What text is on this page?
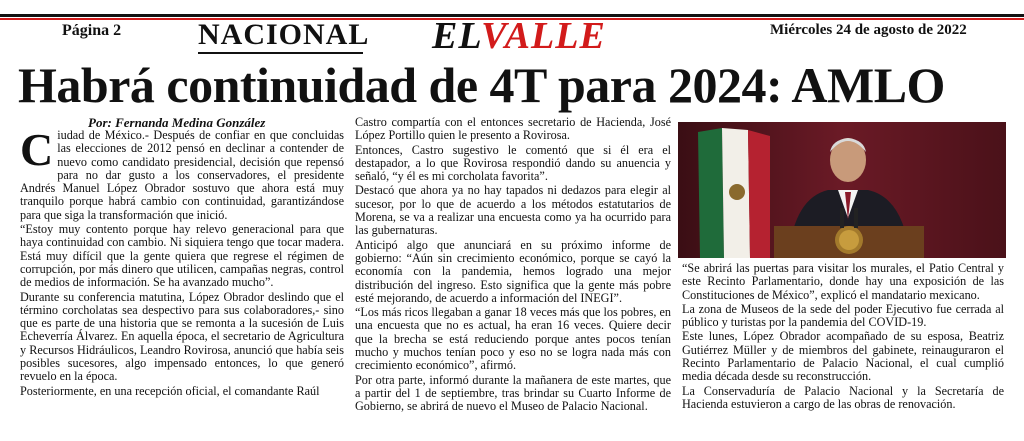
Página 2	NACIONAL ELVALLE	Miércoles 24 de agosto de 2022
Habrá continuidad de 4T para 2024: AMLO
Por: Fernanda Medina González

Ciudad de México.- Después de confiar en que concluidas las elecciones de 2012 pensó en declinar a contender de nuevo como candidato presidencial, decisión que repensó para no dar gusto a los conservadores, el presidente Andrés Manuel López Obrador sostuvo que ahora está muy tranquilo porque habrá cambio con continuidad, garantizándose para que siga la transformación que inició.

“Estoy muy contento porque hay relevo generacional para que haya continuidad con cambio. Ni siquiera tengo que tocar madera. Está muy difícil que la gente quiera que regrese el régimen de corrupción, por más dinero que utilicen, campañas negras, control de medios de información. Se ha avanzado mucho”.

Durante su conferencia matutina, López Obrador deslindo que el término corcholatas sea despectivo para sus colaboradores,- sino que es parte de una historia que se remonta a la sucesión de Luis Echeverría Álvarez. En aquella época, el secretario de Agricultura y Recursos Hidráulicos, Leandro Rovirosa, anunció que había seis posibles sucesores, algo impensado entonces, lo que generó revuelo en la época.

Posteriormente, en una recepción oficial, el comandante Raúl

Castro compartía con el entonces secretario de Hacienda, José López Portillo quien le presento a Rovirosa.

Entonces, Castro sugestivo le comentó que si él era el destapador, a lo que Rovirosa respondió dando su anuencia y señaló, “y él es mi corcholata favorita”.

Destacó que ahora ya no hay tapados ni dedazos para elegir al sucesor, por lo que de acuerdo a los métodos estatutarios de Morena, se va a realizar una encuesta como ya ha ocurrido para las gubernaturas.

Anticipó algo que anunciará en su próximo informe de gobierno: “Aún sin crecimiento económico, porque se cayó la economía con la pandemia, hemos logrado una mejor distribución del ingreso. Esto significa que la gente más pobre esté mejorando, de acuerdo a información del INEGI”.

“Los más ricos llegaban a ganar 18 veces más que los pobres, en una encuesta que no es actual, ha eran 16 veces. Quiere decir que la brecha se está reduciendo porque antes pocos tenían mucho y muchos tenían poco y eso no se logra nada más con crecimiento económico”, afirmó.

Por otra parte, informó durante la mañanera de este martes, que a partir del 1 de septiembre, tras brindar su Cuarto Informe de Gobierno, se abrirá de nuevo el Museo de Palacio Nacional.

“Se abrirá las puertas para visitar los murales, el Patio Central y este Recinto Parlamentario, donde hay una exposición de las Constituciones de México”, explicó el mandatario mexicano.

La zona de Museos de la sede del poder Ejecutivo fue cerrada al público y turistas por la pandemia del COVID-19.

Este lunes, López Obrador acompañado de su esposa, Beatriz Gutiérrez Müller y de miembros del gabinete, reinauguraron el Recinto Parlamentario de Palacio Nacional, el cual cumplió media década desde su reconstrucción.

La Conservaduría de Palacio Nacional y la Secretaría de Hacienda estuvieron a cargo de las obras de renovación.
